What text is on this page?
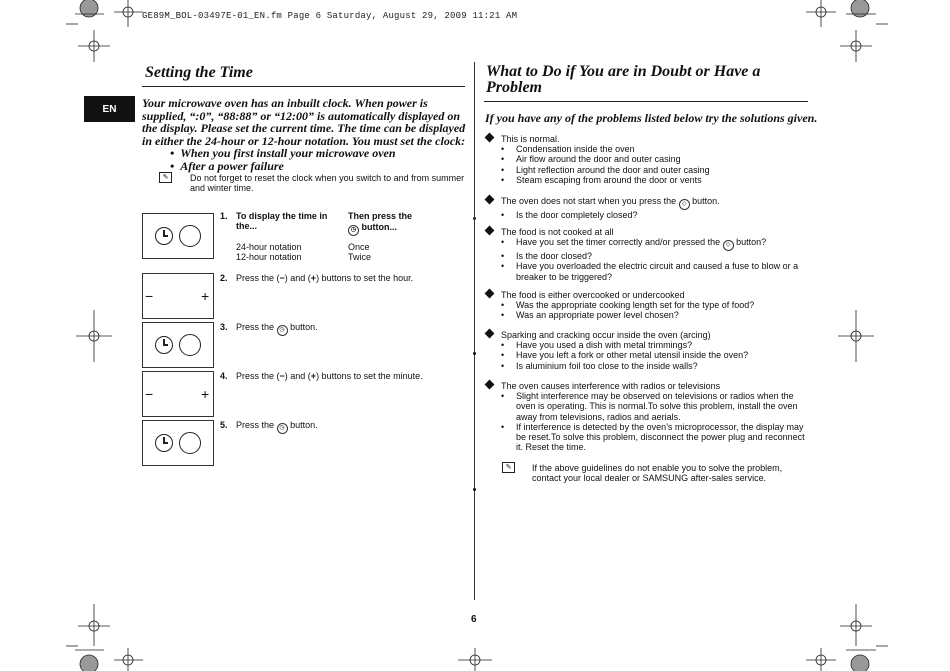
GE89M_BOL-03497E-01_EN.fm Page 6 Saturday, August 29, 2009 11:21 AM
Setting the Time
EN	Your microwave oven has an inbuilt clock. When power is supplied, “:0”, “88:88” or “12:00” is automatically displayed on the display. Please set the current time. The time can be displayed in either the 24-hour or 12-hour notation. You must set the clock:
•  When you first install your microwave oven
•  After a power failure
✎	Do not forget to reset the clock when you switch to and from summer and winter time.
1. To display the time in the...
Then press the
◷ button...
24-hour notation	Once
12-hour notation	Twice
−	+
2. Press the (−) and (+) buttons to set the hour.
3. Press the ◷ button.
−	+
4. Press the (−) and (+) buttons to set the minute.
5. Press the ◷ button.
What to Do if You are in Doubt or Have a Problem
If you have any of the problems listed below try the solutions given.
This is normal.
• Condensation inside the oven
• Air flow around the door and outer casing
• Light reflection around the door and outer casing
• Steam escaping from around the door or vents
The oven does not start when you press the ◇ button.
• Is the door completely closed?
The food is not cooked at all
• Have you set the timer correctly and/or pressed the ◇ button?
• Is the door closed?
• Have you overloaded the electric circuit and caused a fuse to blow or a breaker to be triggered?
The food is either overcooked or undercooked
• Was the appropriate cooking length set for the type of food?
• Was an appropriate power level chosen?
Sparking and cracking occur inside the oven (arcing)
• Have you used a dish with metal trimmings?
• Have you left a fork or other metal utensil inside the oven?
• Is aluminium foil too close to the inside walls?
The oven causes interference with radios or televisions
• Slight interference may be observed on televisions or radios when the oven is operating. This is normal.To solve this problem, install the oven away from televisions, radios and aerials.
• If interference is detected by the oven’s microprocessor, the display may be reset.To solve this problem, disconnect the power plug and reconnect it. Reset the time.
✎	If the above guidelines do not enable you to solve the problem, contact your local dealer or SAMSUNG after-sales service.
6
